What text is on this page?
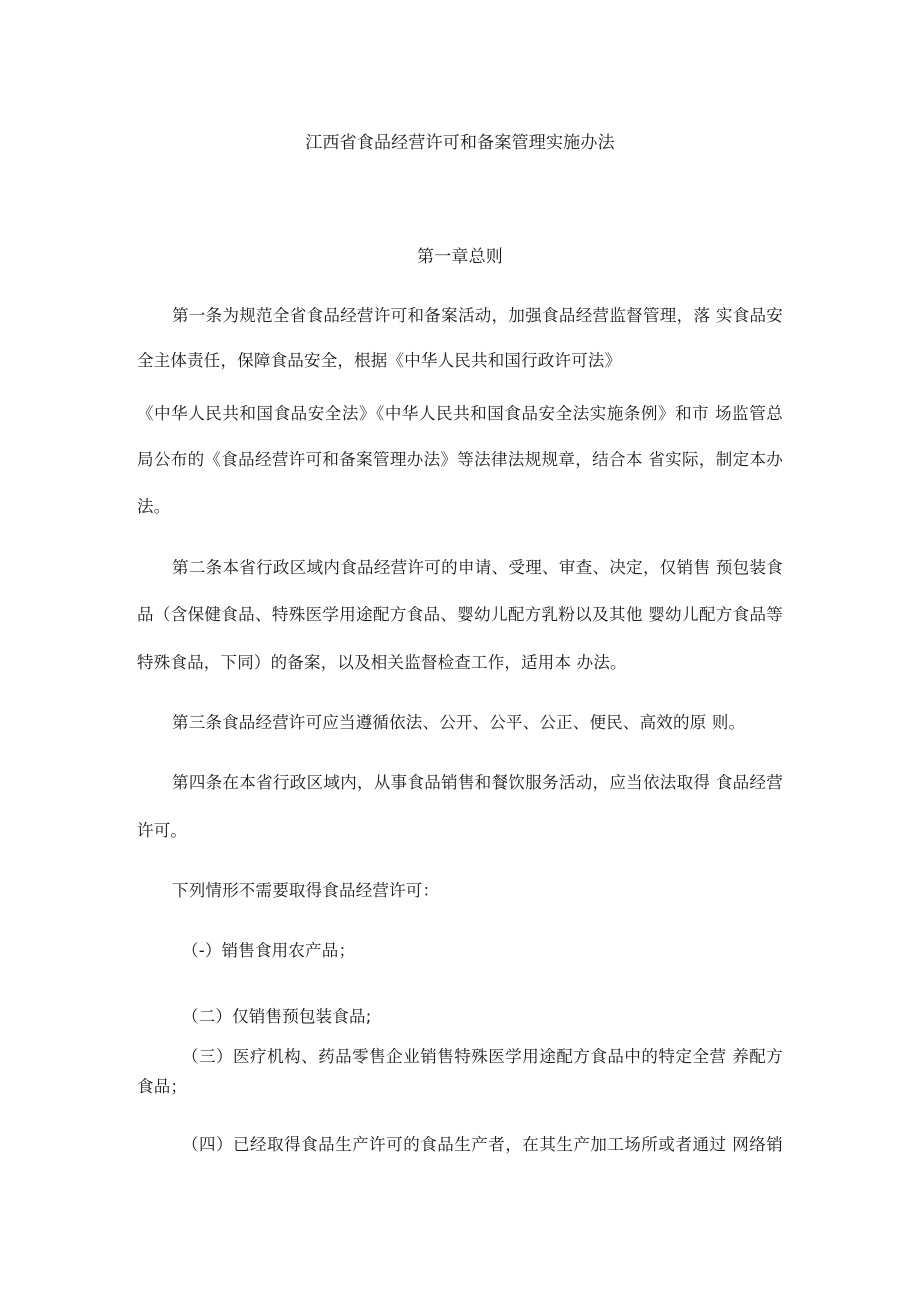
江西省食品经营许可和备案管理实施办法
第一章总则
第一条为规范全省食品经营许可和备案活动，加强食品经营监督管理，落 实食品安
全主体责任，保障食品安全，根据《中华人民共和国行政许可法》
《中华人民共和国食品安全法》《中华人民共和国食品安全法实施条例》和市 场监管总
局公布的《食品经营许可和备案管理办法》等法律法规规章，结合本 省实际，制定本办
法。
第二条本省行政区域内食品经营许可的申请、受理、审查、决定，仅销售 预包装食
品（含保健食品、特殊医学用途配方食品、婴幼儿配方乳粉以及其他 婴幼儿配方食品等
特殊食品，下同）的备案，以及相关监督检查工作，适用本 办法。
第三条食品经营许可应当遵循依法、公开、公平、公正、便民、高效的原 则。
第四条在本省行政区域内，从事食品销售和餐饮服务活动，应当依法取得 食品经营
许可。
下列情形不需要取得食品经营许可：
（-）销售食用农产品；
（二）仅销售预包装食品;
（三）医疗机构、药品零售企业销售特殊医学用途配方食品中的特定全营 养配方
食品；
（四）已经取得食品生产许可的食品生产者，在其生产加工场所或者通过 网络销
